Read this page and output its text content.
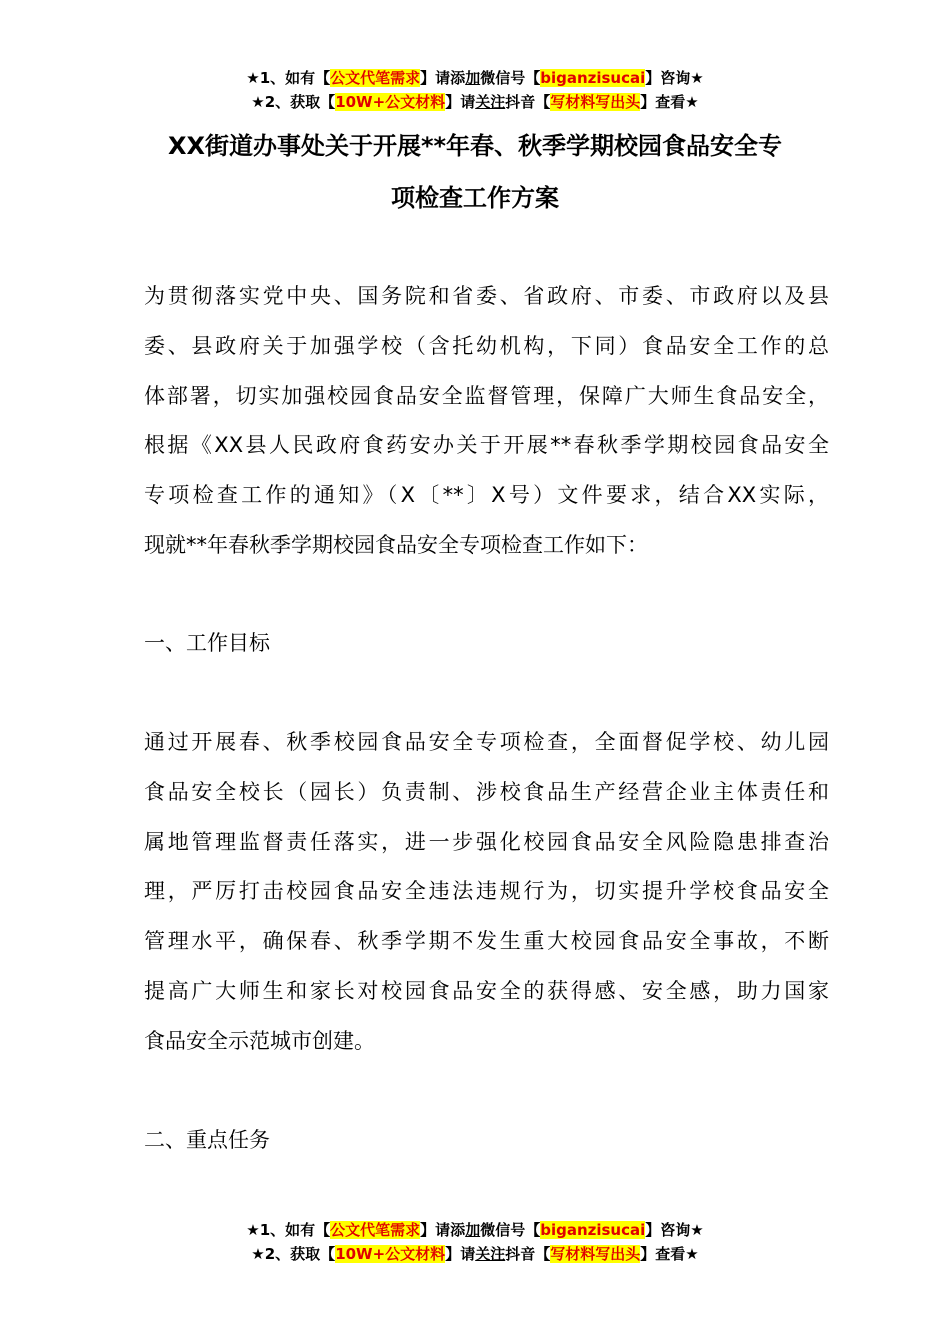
★1、如有【公文代笔需求】请添加微信号【biganzisucai】咨询★
★2、获取【10W+公文材料】请关注抖音【写材料写出头】查看★
XX街道办事处关于开展**年春、秋季学期校园食品安全专
项检查工作方案
为贯彻落实党中央、国务院和省委、省政府、市委、市政府以及县
委、县政府关于加强学校（含托幼机构，下同）食品安全工作的总
体部署，切实加强校园食品安全监督管理，保障广大师生食品安全，
根据《XX县人民政府食药安办关于开展**春秋季学期校园食品安全
专项检查工作的通知》（X〔**〕X号）文件要求，结合XX实际，
现就**年春秋季学期校园食品安全专项检查工作如下：
一、工作目标
通过开展春、秋季校园食品安全专项检查，全面督促学校、幼儿园
食品安全校长（园长）负责制、涉校食品生产经营企业主体责任和
属地管理监督责任落实，进一步强化校园食品安全风险隐患排查治
理，严厉打击校园食品安全违法违规行为，切实提升学校食品安全
管理水平，确保春、秋季学期不发生重大校园食品安全事故，不断
提高广大师生和家长对校园食品安全的获得感、安全感，助力国家
食品安全示范城市创建。
二、重点任务
★1、如有【公文代笔需求】请添加微信号【biganzisucai】咨询★
★2、获取【10W+公文材料】请关注抖音【写材料写出头】查看★
